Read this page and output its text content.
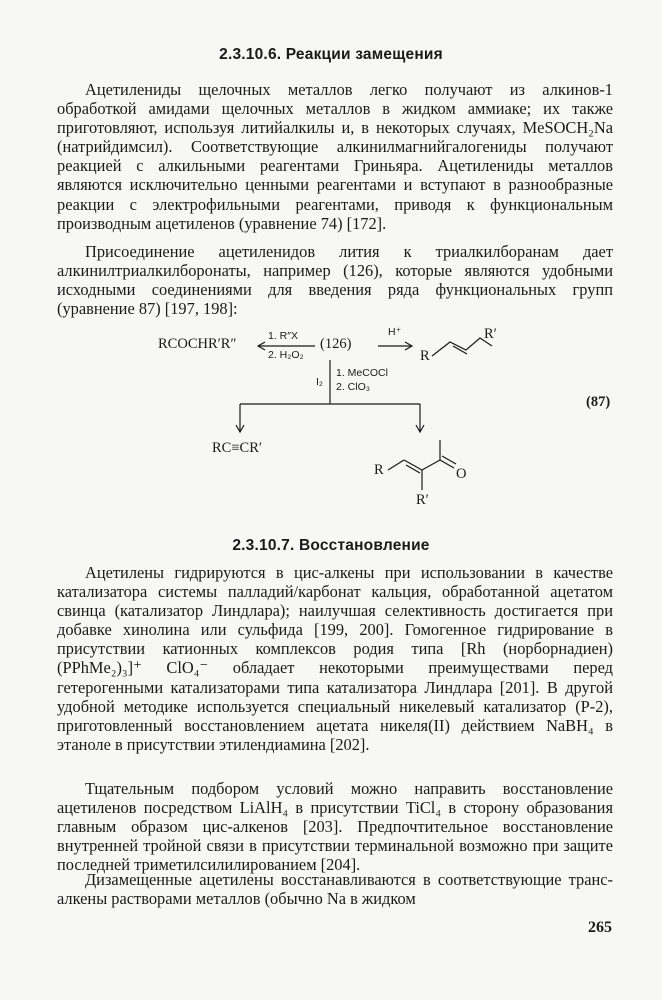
2.3.10.6. Реакции замещения
Ацетилениды щелочных металлов легко получают из алкинов-1 обработкой амидами щелочных металлов в жидком аммиаке; их также приготовляют, используя литийалкилы и, в некоторых случаях, MeSOCH₂Na (натрийдимсил). Соответствующие алкинилмагнийгалогениды получают реакцией с алкильными реагентами Гриньяра. Ацетилениды металлов являются исключительно ценными реагентами и вступают в разнообразные реакции с электрофильными реагентами, приводя к функциональным производным ацетиленов (уравнение 74) [172].
Присоединение ацетиленидов лития к триалкилборанам дает алкинилтриалкилборонаты, например (126), которые являются удобными исходными соединениями для введения ряда функциональных групп (уравнение 87) [197, 198]:
RCOCHR′R″	1. R″X
2. H₂O₂
(126)
H⁺
R
R′
I₂
1. MeCOCl
2. ClO₃
RC≡CR′
R
R′
O
(87)
2.3.10.7. Восстановление
Ацетилены гидрируются в цис-алкены при использовании в качестве катализатора системы палладий/карбонат кальция, обработанной ацетатом свинца (катализатор Линдлара); наилучшая селективность достигается при добавке хинолина или сульфида [199, 200]. Гомогенное гидрирование в присутствии катионных комплексов родия типа [Rh (норборнадиен) (PPhMe₂)₃]⁺ ClO₄⁻ обладает некоторыми преимуществами перед гетерогенными катализаторами типа катализатора Линдлара [201]. В другой удобной методике используется специальный никелевый катализатор (P-2), приготовленный восстановлением ацетата никеля(II) действием NaBH₄ в этаноле в присутствии этилендиамина [202].
Тщательным подбором условий можно направить восстановление ацетиленов посредством LiAlH₄ в присутствии TiCl₄ в сторону образования главным образом цис-алкенов [203]. Предпочтительное восстановление внутренней тройной связи в присутствии терминальной возможно при защите последней триметилсилилированием [204].
Дизамещенные ацетилены восстанавливаются в соответствующие транс-алкены растворами металлов (обычно Na в жидком
265
